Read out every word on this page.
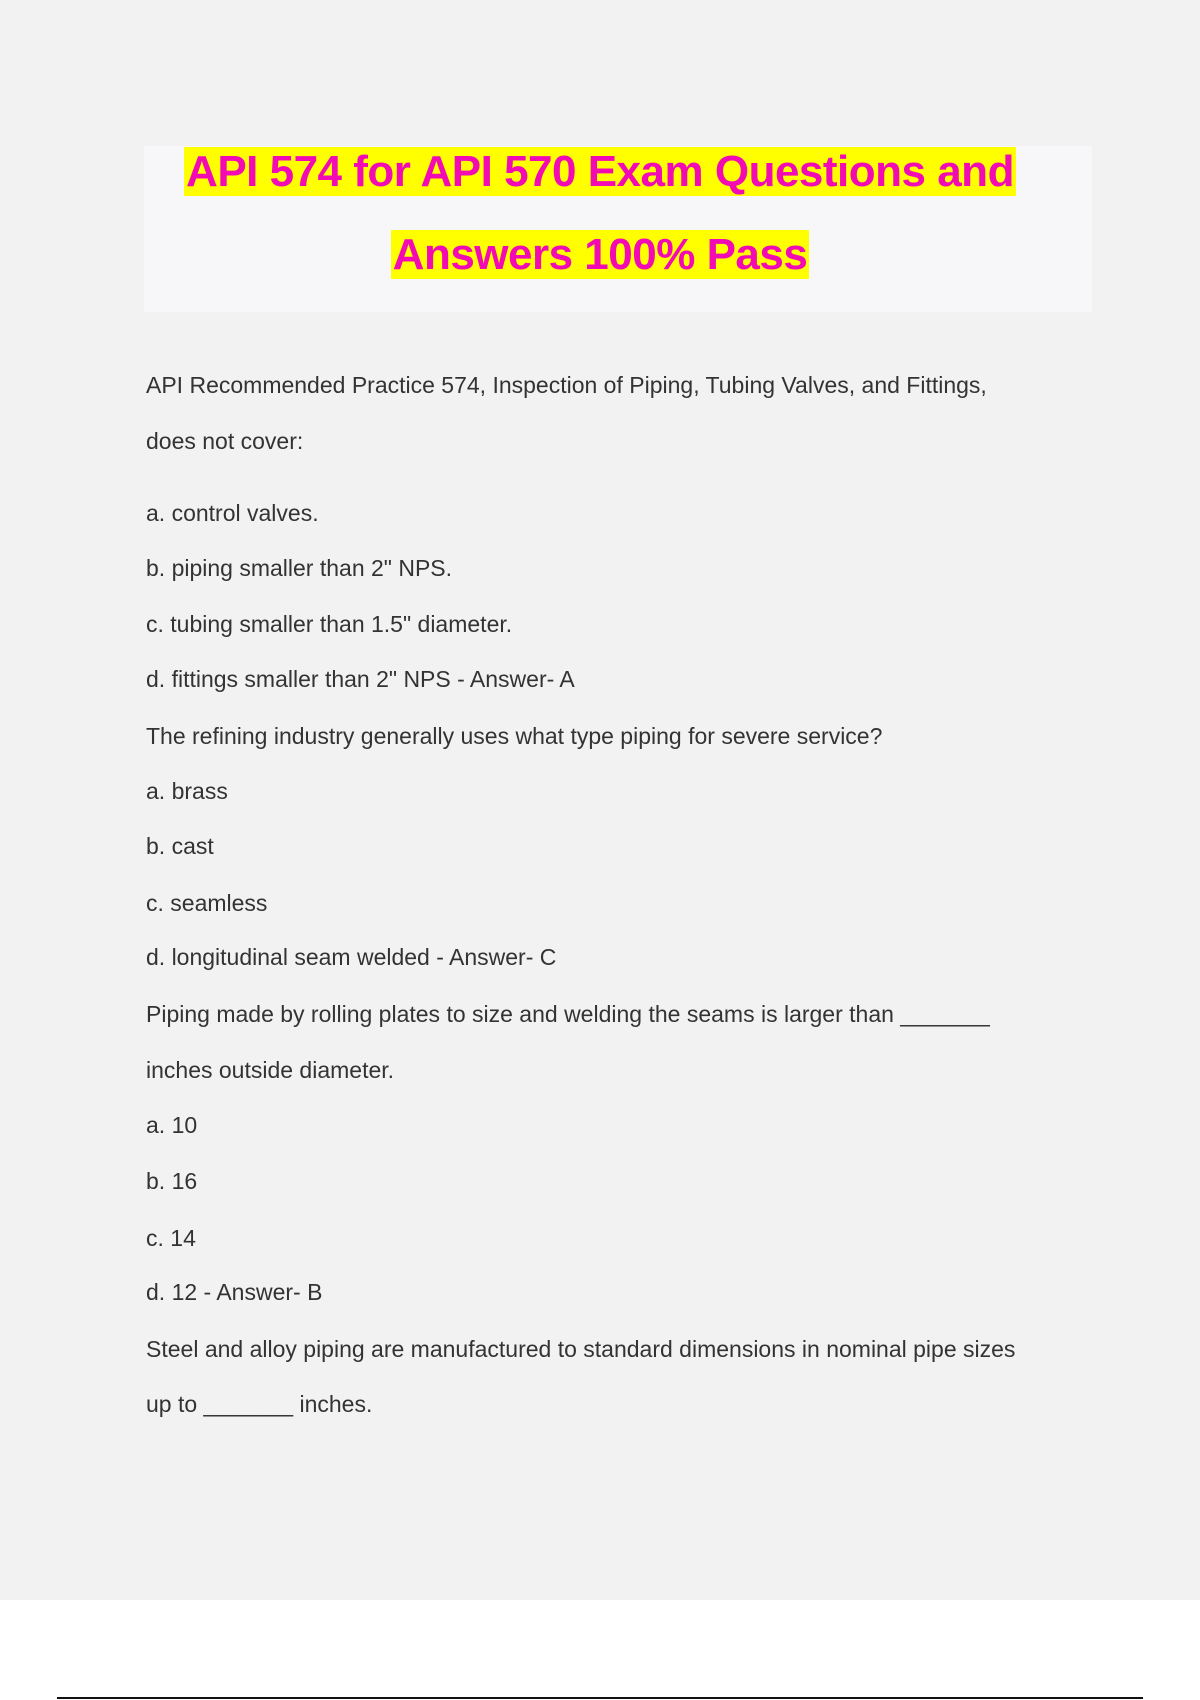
API 574 for API 570 Exam Questions and
Answers 100% Pass
API Recommended Practice 574, Inspection of Piping, Tubing Valves, and Fittings,
does not cover:
a. control valves.
b. piping smaller than 2" NPS.
c. tubing smaller than 1.5" diameter.
d. fittings smaller than 2" NPS - Answer- A
The refining industry generally uses what type piping for severe service?
a. brass
b. cast
c. seamless
d. longitudinal seam welded - Answer- C
Piping made by rolling plates to size and welding the seams is larger than _______
inches outside diameter.
a. 10
b. 16
c. 14
d. 12 - Answer- B
Steel and alloy piping are manufactured to standard dimensions in nominal pipe sizes
up to _______ inches.
